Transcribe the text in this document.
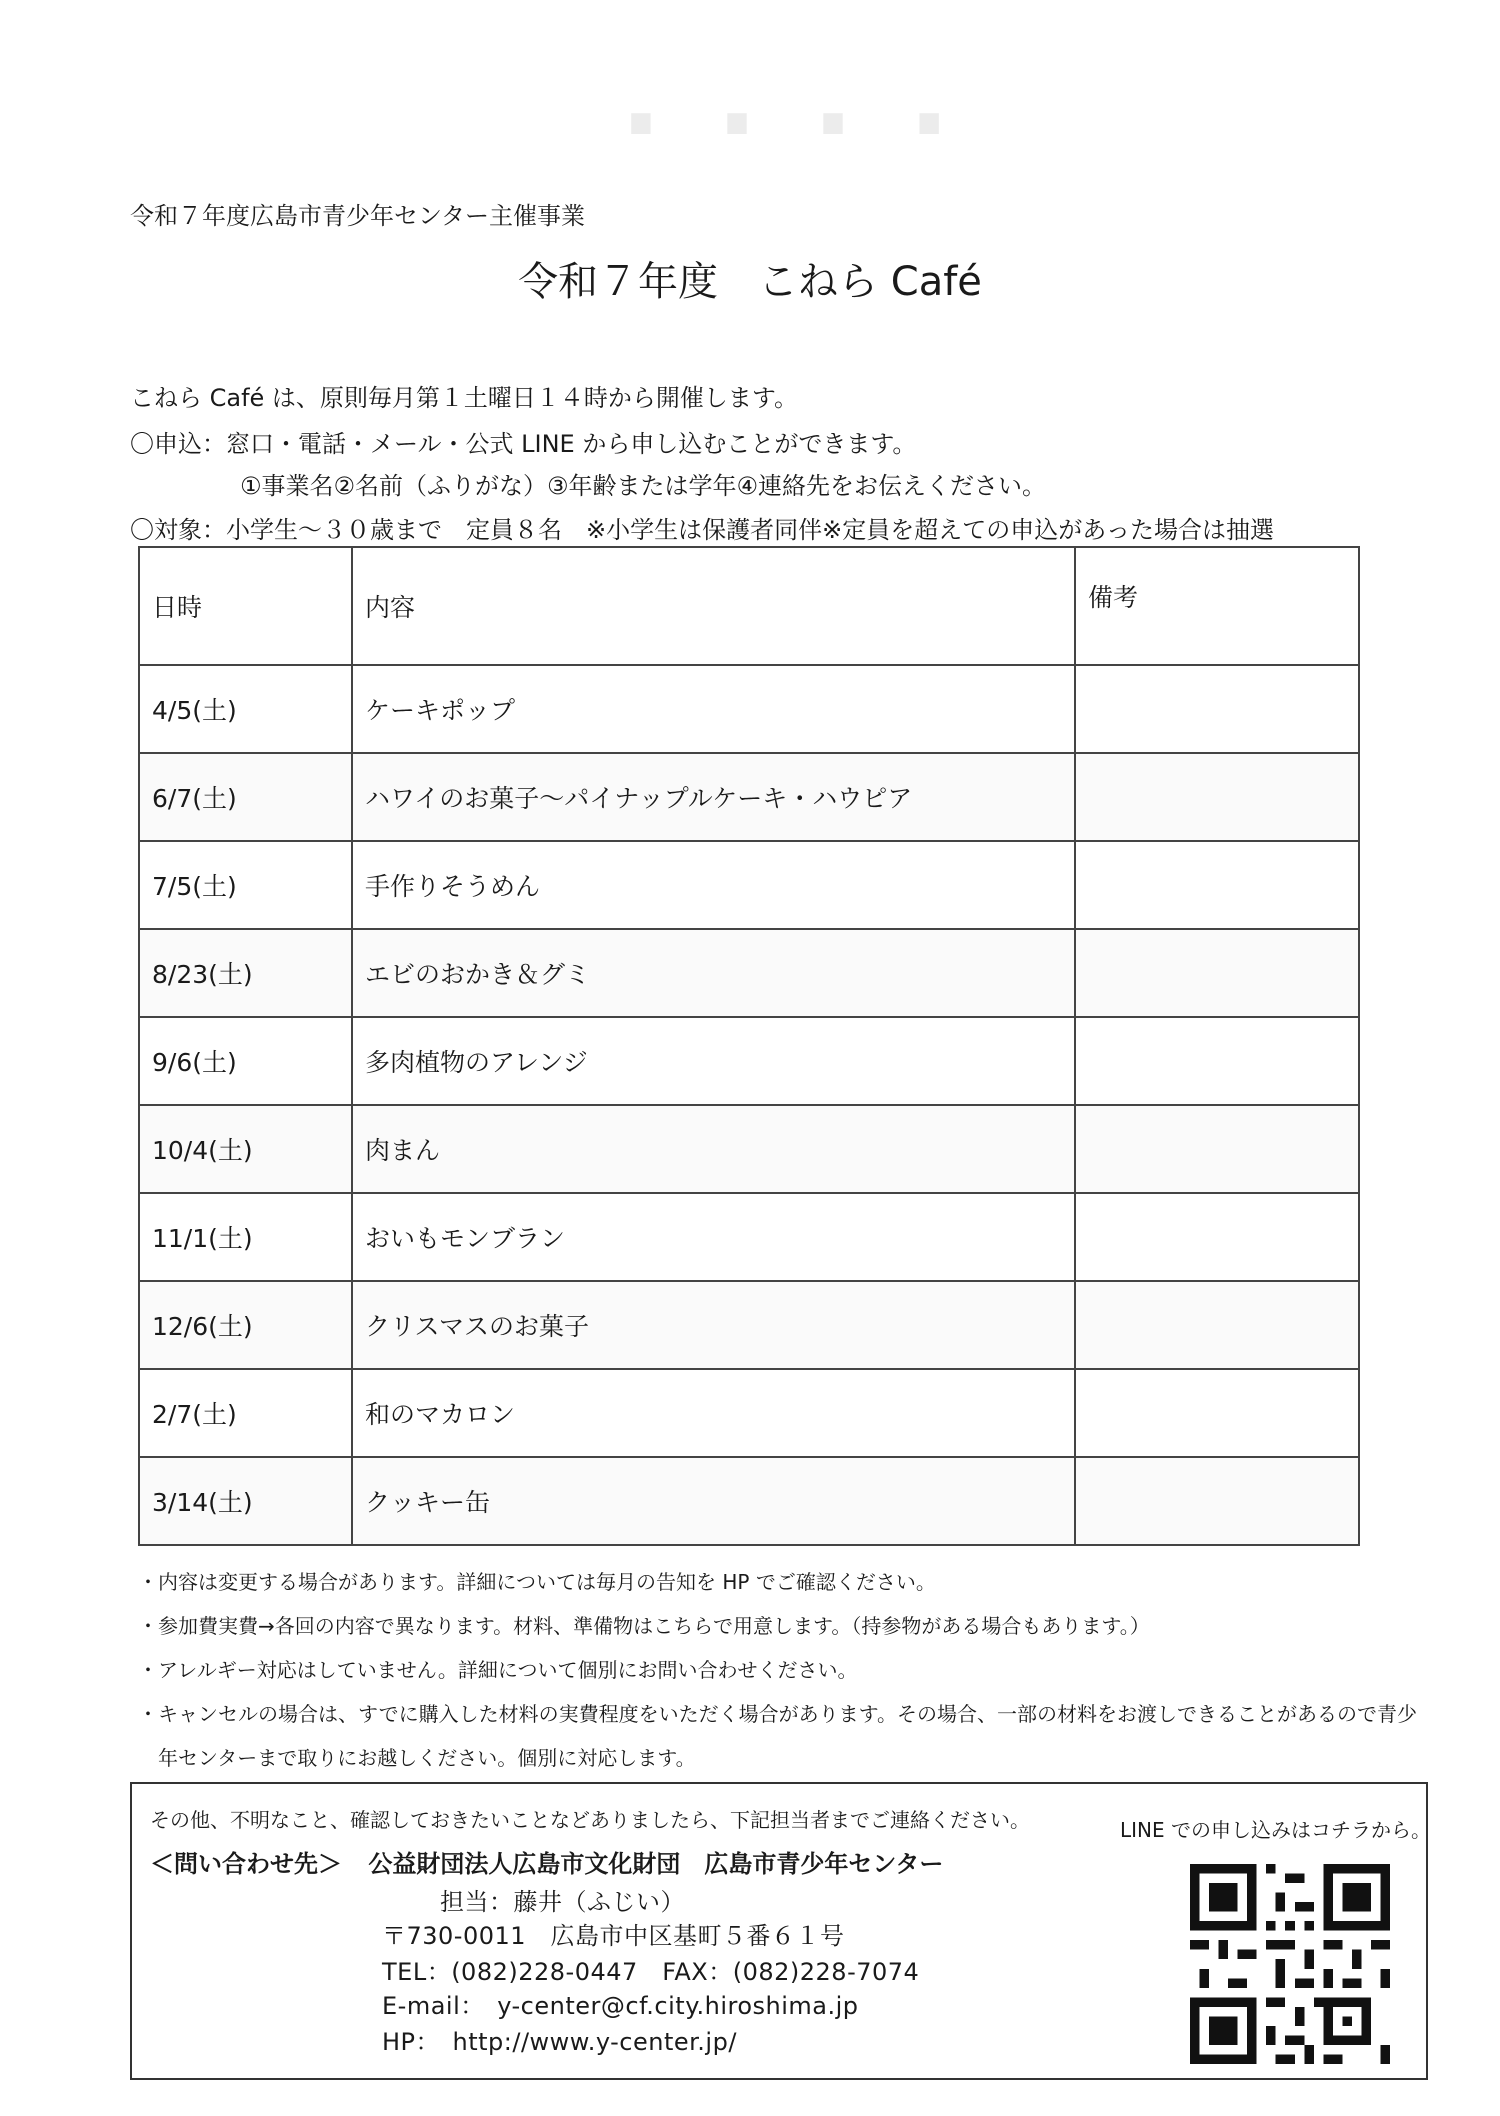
· · · ·
令和７年度広島市青少年センター主催事業
令和７年度　こねら Café
こねら Café は、原則毎月第１土曜日１４時から開催します。
〇申込：窓口・電話・メール・公式 LINE から申し込むことができます。
①事業名②名前（ふりがな）③年齢または学年④連絡先をお伝えください。
〇対象：小学生～３０歳まで　定員８名　※小学生は保護者同伴※定員を超えての申込があった場合は抽選
日時	内容	備考
4/5(土)	ケーキポップ	
6/7(土)	ハワイのお菓子～パイナップルケーキ・ハウピア	
7/5(土)	手作りそうめん	
8/23(土)	エビのおかき＆グミ	
9/6(土)	多肉植物のアレンジ	
10/4(土)	肉まん	
11/1(土)	おいもモンブラン	
12/6(土)	クリスマスのお菓子	
2/7(土)	和のマカロン	
3/14(土)	クッキー缶	
・内容は変更する場合があります。詳細については毎月の告知を HP でご確認ください。
・参加費実費→各回の内容で異なります。材料、準備物はこちらで用意します。（持参物がある場合もあります。）
・アレルギー対応はしていません。詳細について個別にお問い合わせください。
・キャンセルの場合は、すでに購入した材料の実費程度をいただく場合があります。その場合、一部の材料をお渡しできることがあるので青少
　年センターまで取りにお越しください。個別に対応します。
その他、不明なこと、確認しておきたいことなどありましたら、下記担当者までご連絡ください。
＜問い合わせ先＞ 公益財団法人広島市文化財団　広島市青少年センター
担当：藤井（ふじい）
〒730-0011　広島市中区基町５番６１号
TEL：(082)228-0447　FAX：(082)228-7074
E-mail：　y-center@cf.city.hiroshima.jp
HP：　http://www.y-center.jp/
LINE での申し込みはコチラから。
